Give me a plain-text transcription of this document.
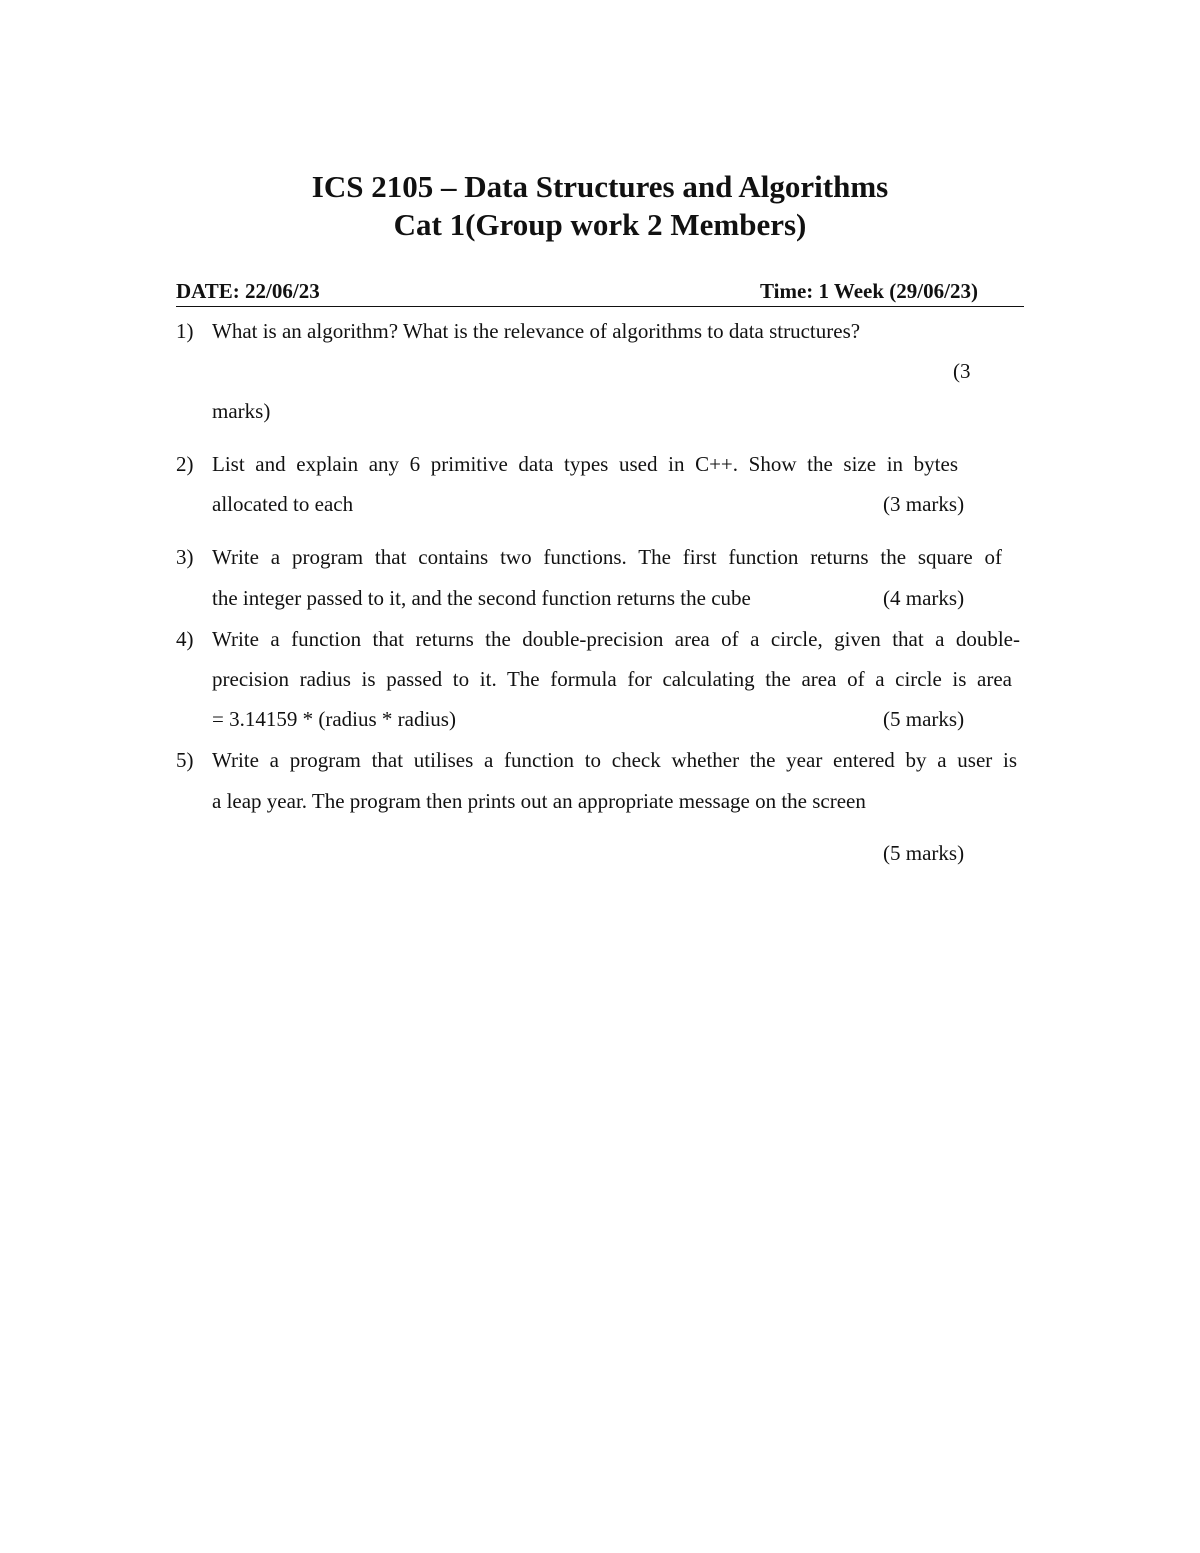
ICS 2105 – Data Structures and Algorithms
Cat 1(Group work 2 Members)
DATE: 22/06/23	Time: 1 Week (29/06/23)
1) What is an algorithm? What is the relevance of algorithms to data structures?
(3
marks)
2) List and explain any 6 primitive data types used in C++. Show the size in bytes
allocated to each	(3 marks)
3) Write a program that contains two functions. The first function returns the square of
the integer passed to it, and the second function returns the cube	(4 marks)
4) Write a function that returns the double-precision area of a circle, given that a double-
precision radius is passed to it. The formula for calculating the area of a circle is area
= 3.14159 * (radius * radius)	(5 marks)
5) Write a program that utilises a function to check whether the year entered by a user is
a leap year. The program then prints out an appropriate message on the screen
(5 marks)
